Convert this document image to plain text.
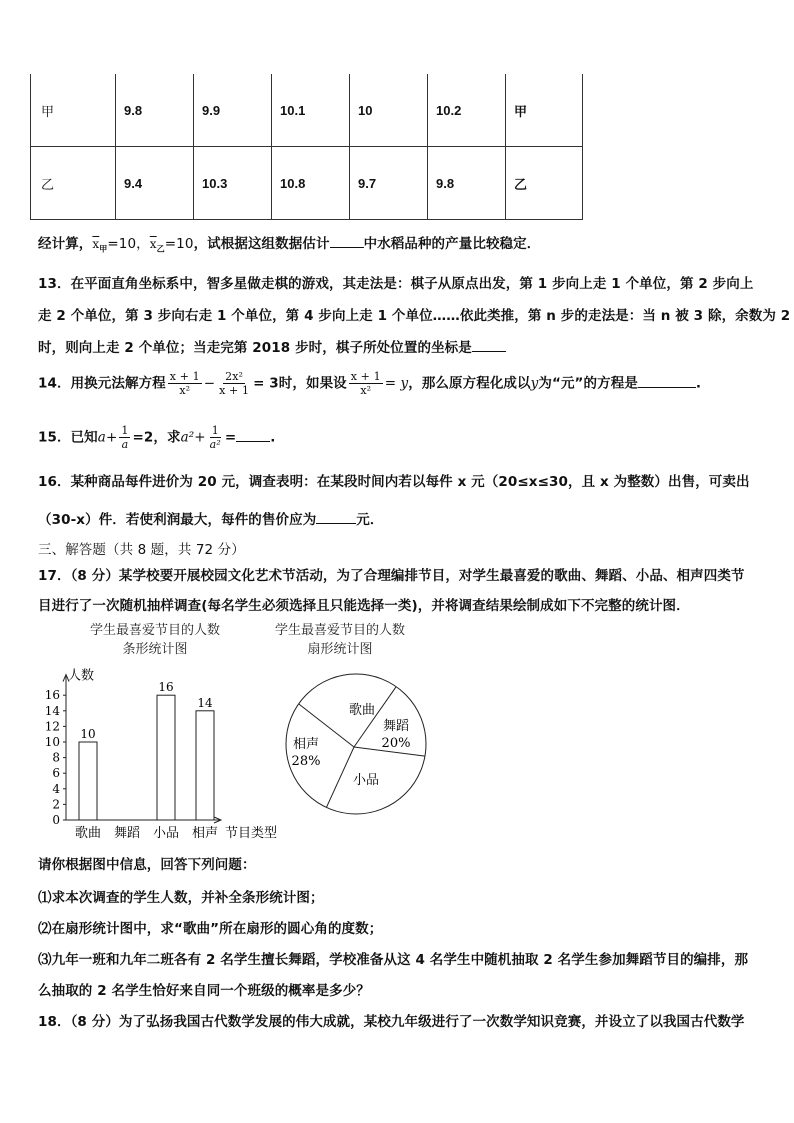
甲	9.8	9.9	10.1	10	10.2	甲
乙	9.4	10.3	10.8	9.7	9.8	乙
经计算，$\overline{x}_甲=10$，$\overline{x}_乙=10$，试根据这组数据估计	中水稻品种的产量比较稳定．
13．在平面直角坐标系中，智多星做走棋的游戏，其走法是：棋子从原点出发，第 1 步向上走 1 个单位，第 2 步向上
走 2 个单位，第 3 步向右走 1 个单位，第 4 步向上走 1 个单位……依此类推，第 n 步的走法是：当 n 被 3 除，余数为 2
时，则向上走 2 个单位；当走完第 2018 步时，棋子所处位置的坐标是
14．用换元法解方程 $\frac{x + 1}{\text{x²}} - \frac{\text{2x²}}{x + 1} = 3$时，如果设 $\frac{x + 1}{\text{x²}} = y$，那么原方程化成以y为“元”的方程是	.
15．已知$a+ \frac{1}{a} =2$，求$a^2+ \frac{1}{\text{a²}}$ =	.
16．某种商品每件进价为 20 元，调查表明：在某段时间内若以每件 x 元（20≤x≤30，且 x 为整数）出售，可卖出
（30-x）件．若使利润最大，每件的售价应为	元．
三、解答题（共 8 题，共 72 分）
17．（8 分）某学校要开展校园文化艺术节活动，为了合理编排节目，对学生最喜爱的歌曲、舞蹈、小品、相声四类节
目进行了一次随机抽样调查(每名学生必须选择且只能选择一类)，并将调查结果绘制成如下不完整的统计图．
学生最喜爱节目的人数
条形统计图
学生最喜爱节目的人数
扇形统计图
人数
0
2
4
6
8
10
12
14
16
歌曲
10
舞蹈 小品
16
相声
14
节目类型
歌曲
舞蹈
20%
小品
相声
28%
请你根据图中信息，回答下列问题：
⑴求本次调查的学生人数，并补全条形统计图；
⑵在扇形统计图中，求“歌曲”所在扇形的圆心角的度数；
⑶九年一班和九年二班各有 2 名学生擅长舞蹈，学校准备从这 4 名学生中随机抽取 2 名学生参加舞蹈节目的编排，那
么抽取的 2 名学生恰好来自同一个班级的概率是多少？
18．（8 分）为了弘扬我国古代数学发展的伟大成就，某校九年级进行了一次数学知识竞赛，并设立了以我国古代数学
